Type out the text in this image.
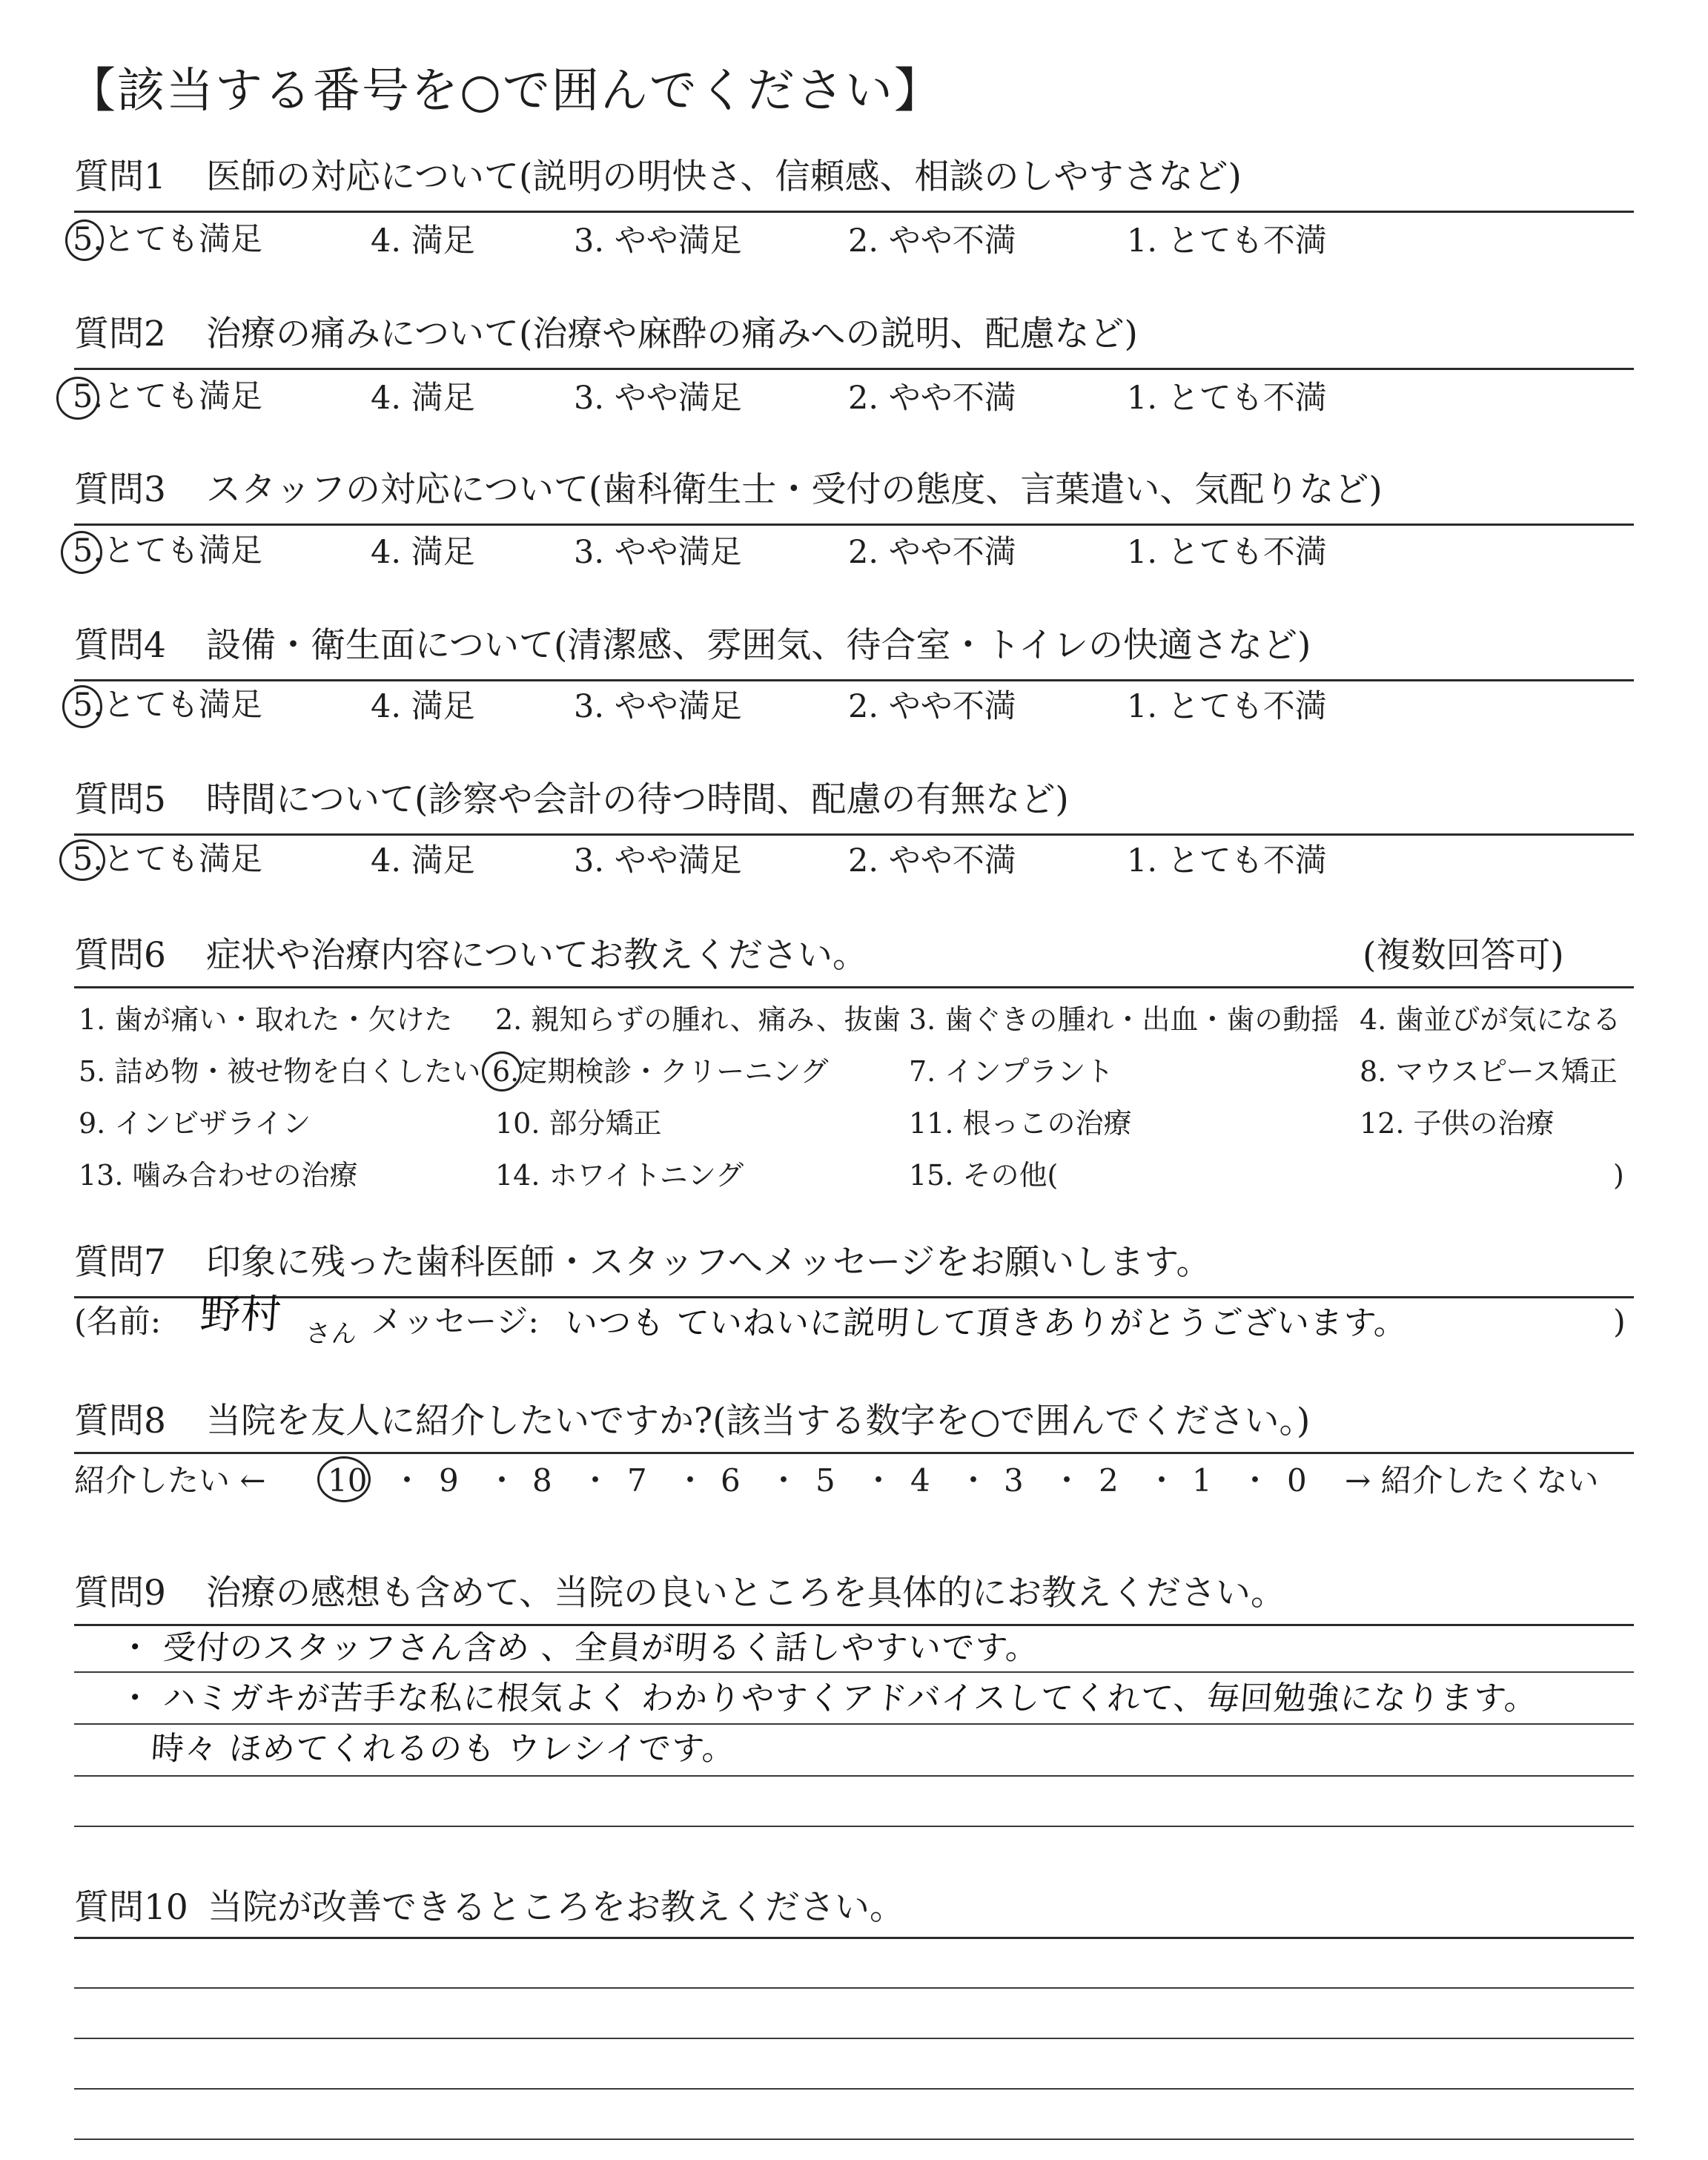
【該当する番号を○で囲んでください】
質問1 医師の対応について(説明の明快さ、信頼感、相談のしやすさなど)
5.とても満足	4. 満足	3. やや満足	2. やや不満	1. とても不満
質問2 治療の痛みについて(治療や麻酔の痛みへの説明、配慮など)
5.とても満足	4. 満足	3. やや満足	2. やや不満	1. とても不満
質問3 スタッフの対応について(歯科衛生士・受付の態度、言葉遣い、気配りなど)
5.とても満足	4. 満足	3. やや満足	2. やや不満	1. とても不満
質問4 設備・衛生面について(清潔感、雰囲気、待合室・トイレの快適さなど)
5.とても満足	4. 満足	3. やや満足	2. やや不満	1. とても不満
質問5 時間について(診察や会計の待つ時間、配慮の有無など)
5.とても満足	4. 満足	3. やや満足	2. やや不満	1. とても不満
質問6 症状や治療内容についてお教えください。	(複数回答可)
1. 歯が痛い・取れた・欠けた 2. 親知らずの腫れ、痛み、抜歯 3. 歯ぐきの腫れ・出血・歯の動揺 4. 歯並びが気になる
5. 詰め物・被せ物を白くしたい 6.定期検診・クリーニング	7. インプラント	8. マウスピース矯正
9. インビザライン	10. 部分矯正	11. 根っこの治療	12. 子供の治療
13. 噛み合わせの治療	14. ホワイトニング	15. その他(	)
質問7 印象に残った歯科医師・スタッフへメッセージをお願いします。
(名前: 野村 さん メッセージ: いつも ていねいに説明して頂きありがとうございます。	)
質問8 当院を友人に紹介したいですか?(該当する数字を○で囲んでください。)
紹介したい ← 10 ・ 9 ・ 8 ・ 7 ・ 6 ・ 5 ・ 4 ・ 3 ・ 2 ・ 1 ・ 0 → 紹介したくない
質問9 治療の感想も含めて、当院の良いところを具体的にお教えください。
・ 受付のスタッフさん含め 、全員が明るく話しやすいです。
・ ハミガキが苦手な私に根気よく わかりやすくアドバイスしてくれて、毎回勉強になります。
時々 ほめてくれるのも ウレシイです。
質問10 当院が改善できるところをお教えください。
